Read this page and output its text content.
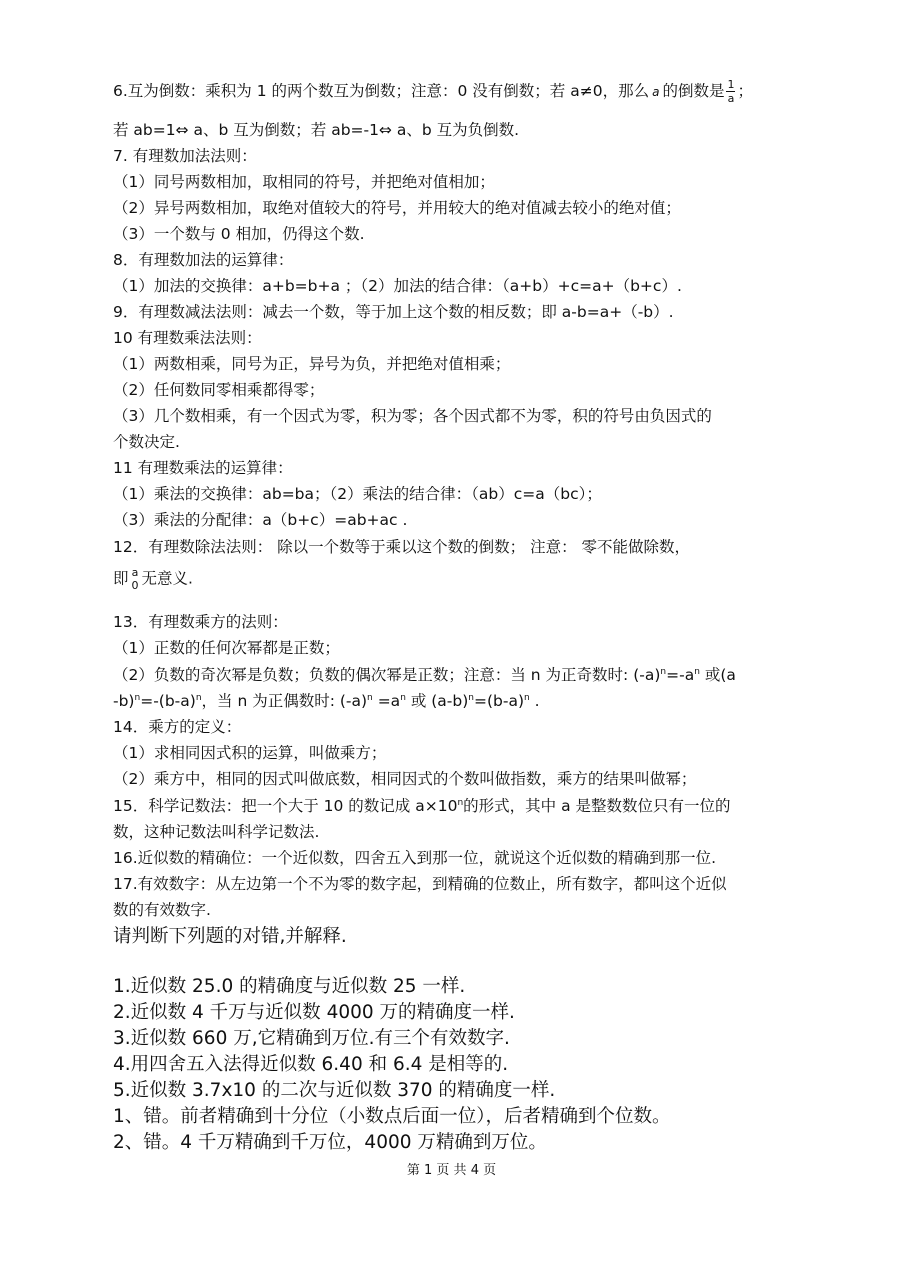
6.互为倒数：乘积为 1 的两个数互为倒数；注意：0 没有倒数；若 a≠0，那么 a 的倒数是 $\frac{1}{a}$ ；
若 ab=1⇔ a、b 互为倒数；若 ab=-1⇔ a、b 互为负倒数.
7. 有理数加法法则：
（1）同号两数相加，取相同的符号，并把绝对值相加；
（2）异号两数相加，取绝对值较大的符号，并用较大的绝对值减去较小的绝对值；
（3）一个数与 0 相加，仍得这个数.
8．有理数加法的运算律：
（1）加法的交换律：a+b=b+a ；（2）加法的结合律：（a+b）+c=a+（b+c）.
9．有理数减法法则：减去一个数，等于加上这个数的相反数；即 a-b=a+（-b）.
10 有理数乘法法则：
（1）两数相乘，同号为正，异号为负，并把绝对值相乘；
（2）任何数同零相乘都得零；
（3）几个数相乘，有一个因式为零，积为零；各个因式都不为零，积的符号由负因式的
个数决定.
11 有理数乘法的运算律：
（1）乘法的交换律：ab=ba；（2）乘法的结合律：（ab）c=a（bc）；
（3）乘法的分配律：a（b+c）=ab+ac .
12．有理数除法法则： 除以一个数等于乘以这个数的倒数； 注意： 零不能做除数，
即 a
0 无意义.
13．有理数乘方的法则：
（1）正数的任何次幂都是正数；
（2）负数的奇次幂是负数；负数的偶次幂是正数；注意：当 n 为正奇数时: $(-a)^n=-a^n$ 或(a
$-b)^n=-(b-a)^n$，当 n 为正偶数时: $(-a)^n =a^n$ 或 $(a-b)^n=(b-a)^n$ .
14．乘方的定义：
（1）求相同因式积的运算，叫做乘方；
（2）乘方中，相同的因式叫做底数，相同因式的个数叫做指数，乘方的结果叫做幂；
15．科学记数法：把一个大于 10 的数记成 $a\times 10^n$的形式，其中 a 是整数数位只有一位的
数，这种记数法叫科学记数法.
16.近似数的精确位：一个近似数，四舍五入到那一位，就说这个近似数的精确到那一位.
17.有效数字：从左边第一个不为零的数字起，到精确的位数止，所有数字，都叫这个近似
数的有效数字.
请判断下列题的对错,并解释.
1.近似数 25.0 的精确度与近似数 25 一样.
2.近似数 4 千万与近似数 4000 万的精确度一样.
3.近似数 660 万,它精确到万位.有三个有效数字.
4.用四舍五入法得近似数 6.40 和 6.4 是相等的.
5.近似数 3.7x10 的二次与近似数 370 的精确度一样.
1、错。前者精确到十分位（小数点后面一位），后者精确到个位数。
2、错。4 千万精确到千万位，4000 万精确到万位。
第 1 页 共 4 页
